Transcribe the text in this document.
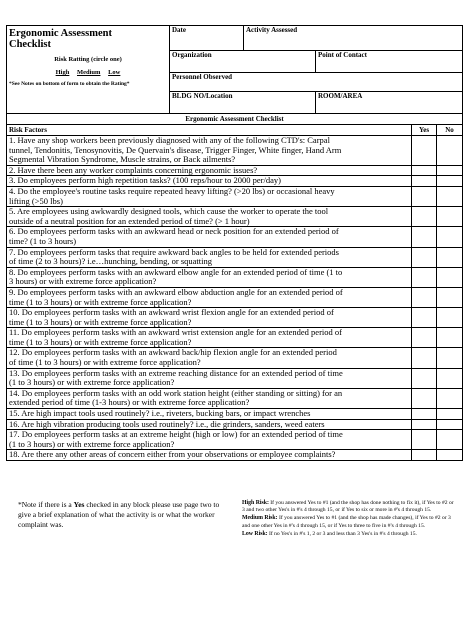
Ergonomic Assessment
Checklist
Risk Ratting (circle one)
High Medium Low
*See Notes on bottom of form to obtain the Rating*	Date	Activity Assessed	
	Organization		Point of Contact
	Personnel Observed		
	BLDG NO/Location		ROOM/AREA
Ergonomic Assessment Checklist		
Risk Factors	Yes	No

1. Have any shop workers been previously diagnosed with any of the following CTD's: Carpal
tunnel, Tendonitis, Tenosynovitis, De Quervain's disease, Trigger Finger, White finger, Hand Arm
Segmental Vibration Syndrome, Muscle strains, or Back ailments?		

2. Have there been any worker complaints concerning ergonomic issues?		

3. Do employees perform high repetition tasks? (100 reps/hour to 2000 per/day)		

4. Do the employee's routine tasks require repeated heavy lifting? (>20 lbs) or occasional heavy
lifting (>50 lbs)		

5. Are employees using awkwardly designed tools, which cause the worker to operate the tool
outside of a neutral position for an extended period of time? (> 1 hour)		

6. Do employees perform tasks with an awkward head or neck position for an extended period of
time? (1 to 3 hours)		

7. Do employees perform tasks that require awkward back angles to be held for extended periods
of time (2 to 3 hours)? i.e…hunching, bending, or squatting		

8. Do employees perform tasks with an awkward elbow angle for an extended period of time (1 to
3 hours) or with extreme force application?		

9. Do employees perform tasks with an awkward elbow abduction angle for an extended period of
time (1 to 3 hours) or with extreme force application?		

10. Do employees perform tasks with an awkward wrist flexion angle for an extended period of
time (1 to 3 hours) or with extreme force application?		

11. Do employees perform tasks with an awkward wrist extension angle for an extended period of
time (1 to 3 hours) or with extreme force application?		

12. Do employees perform tasks with an awkward back/hip flexion angle for an extended period
of time (1 to 3 hours) or with extreme force application?		

13. Do employees perform tasks with an extreme reaching distance for an extended period of time
(1 to 3 hours) or with extreme force application?		

14. Do employees perform tasks with an odd work station height (either standing or sitting) for an
extended period of time (1-3 hours) or with extreme force application?		

15. Are high impact tools used routinely? i.e., riveters, bucking bars, or impact wrenches		

16. Are high vibration producing tools used routinely? i.e., die grinders, sanders, weed eaters		

17. Do employees perform tasks at an extreme height (high or low) for an extended period of time
(1 to 3 hours) or with extreme force application?		

18. Are there any other areas of concern either from your observations or employee complaints?		

*Note if there is a Yes checked in any block please use page two to give a brief explanation of what the activity is or what the worker complaint was.
High Risk: If you answered Yes to #1 (and the shop has done nothing to fix it), if Yes to #2 or 3 and two other Yes's in #'s 4 through 15, or if Yes to six or more in #'s 4 through 15.
Medium Risk: If you answered Yes to #1 (and the shop has made changes), if Yes to #2 or 3 and one other Yes in #'s 4 through 15, or if Yes to three to five in #'s 4 through 15.
Low Risk: If no Yes's in #'s 1, 2 or 3 and less than 3 Yes's in #'s 4 through 15.
